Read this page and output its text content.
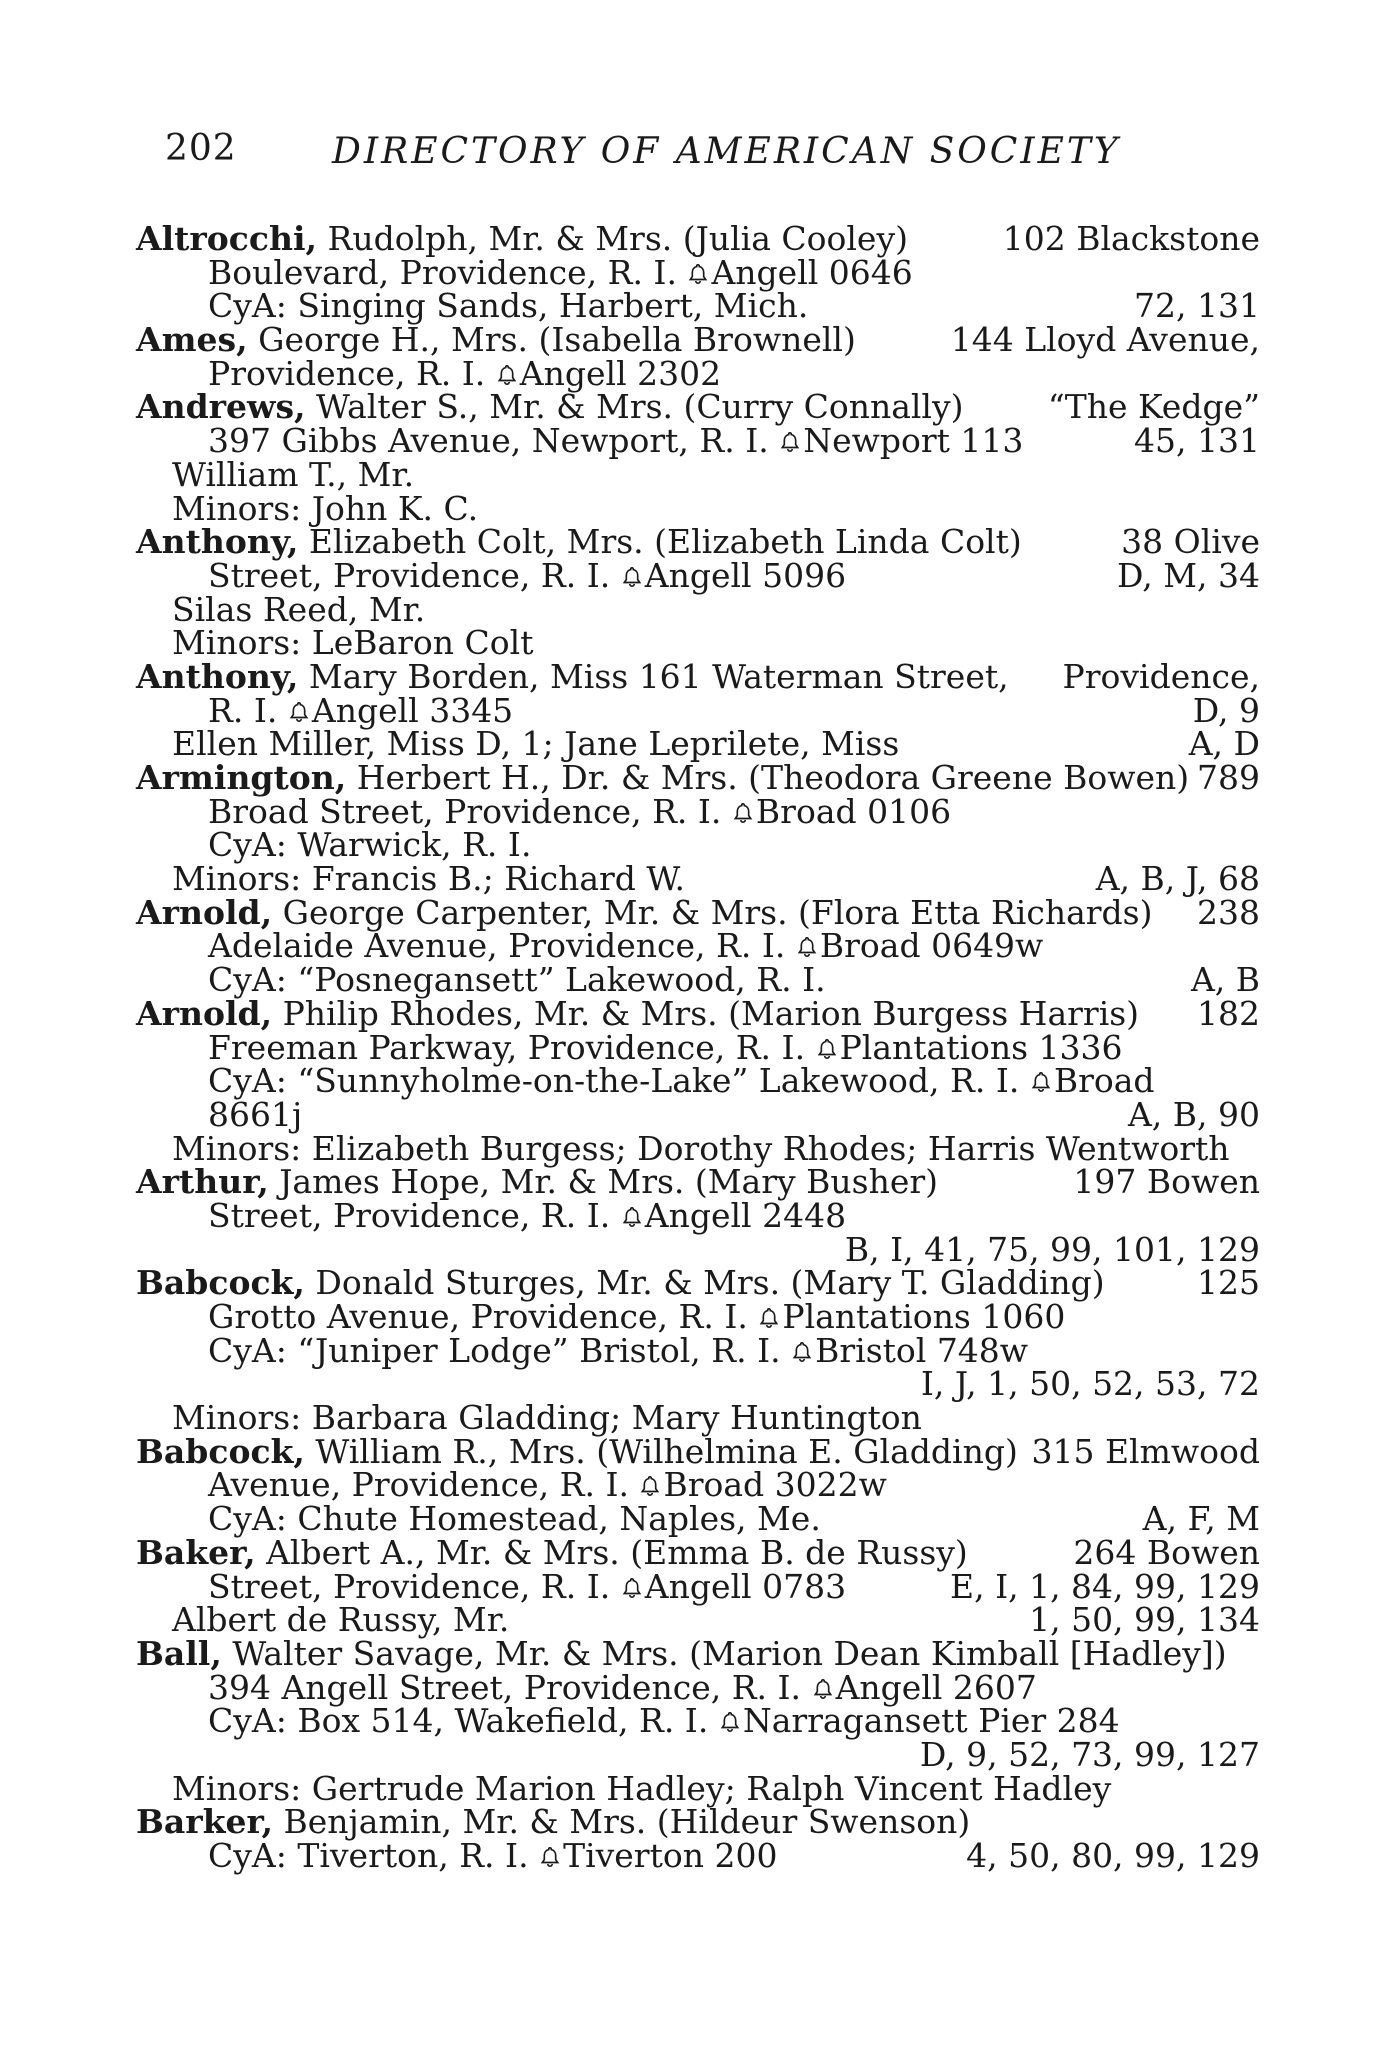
202	DIRECTORY OF AMERICAN SOCIETY
Altrocchi, Rudolph, Mr. & Mrs. (Julia Cooley)	102 Blackstone
Boulevard, Providence, R. I. Angell 0646
CyA: Singing Sands, Harbert, Mich.	72, 131
Ames, George H., Mrs. (Isabella Brownell)	144 Lloyd Avenue,
Providence, R. I. Angell 2302
Andrews, Walter S., Mr. & Mrs. (Curry Connally)	“The Kedge”
397 Gibbs Avenue, Newport, R. I. Newport 113	45, 131
William T., Mr.
Minors: John K. C.
Anthony, Elizabeth Colt, Mrs. (Elizabeth Linda Colt)	38 Olive
Street, Providence, R. I. Angell 5096	D, M, 34
Silas Reed, Mr.
Minors: LeBaron Colt
Anthony, Mary Borden, Miss 161 Waterman Street, Providence,
R. I. Angell 3345	D, 9
Ellen Miller, Miss D, 1; Jane Leprilete, Miss	A, D
Armington, Herbert H., Dr. & Mrs. (Theodora Greene Bowen) 789
Broad Street, Providence, R. I. Broad 0106
CyA: Warwick, R. I.
Minors: Francis B.; Richard W.	A, B, J, 68
Arnold, George Carpenter, Mr. & Mrs. (Flora Etta Richards) 238
Adelaide Avenue, Providence, R. I. Broad 0649w
CyA: “Posnegansett” Lakewood, R. I.	A, B
Arnold, Philip Rhodes, Mr. & Mrs. (Marion Burgess Harris) 182
Freeman Parkway, Providence, R. I. Plantations 1336
CyA: “Sunnyholme-on-the-Lake” Lakewood, R. I. Broad
8661j	A, B, 90
Minors: Elizabeth Burgess; Dorothy Rhodes; Harris Wentworth
Arthur, James Hope, Mr. & Mrs. (Mary Busher)	197 Bowen
Street, Providence, R. I. Angell 2448
B, I, 41, 75, 99, 101, 129
Babcock, Donald Sturges, Mr. & Mrs. (Mary T. Gladding)	125
Grotto Avenue, Providence, R. I. Plantations 1060
CyA: “Juniper Lodge” Bristol, R. I. Bristol 748w
I, J, 1, 50, 52, 53, 72
Minors: Barbara Gladding; Mary Huntington
Babcock, William R., Mrs. (Wilhelmina E. Gladding) 315 Elmwood
Avenue, Providence, R. I. Broad 3022w
CyA: Chute Homestead, Naples, Me.	A, F, M
Baker, Albert A., Mr. & Mrs. (Emma B. de Russy)	264 Bowen
Street, Providence, R. I. Angell 0783	E, I, 1, 84, 99, 129
Albert de Russy, Mr.	1, 50, 99, 134
Ball, Walter Savage, Mr. & Mrs. (Marion Dean Kimball [Hadley])
394 Angell Street, Providence, R. I. Angell 2607
CyA: Box 514, Wakefield, R. I. Narragansett Pier 284
D, 9, 52, 73, 99, 127
Minors: Gertrude Marion Hadley; Ralph Vincent Hadley
Barker, Benjamin, Mr. & Mrs. (Hildeur Swenson)
CyA: Tiverton, R. I. Tiverton 200	4, 50, 80, 99, 129
